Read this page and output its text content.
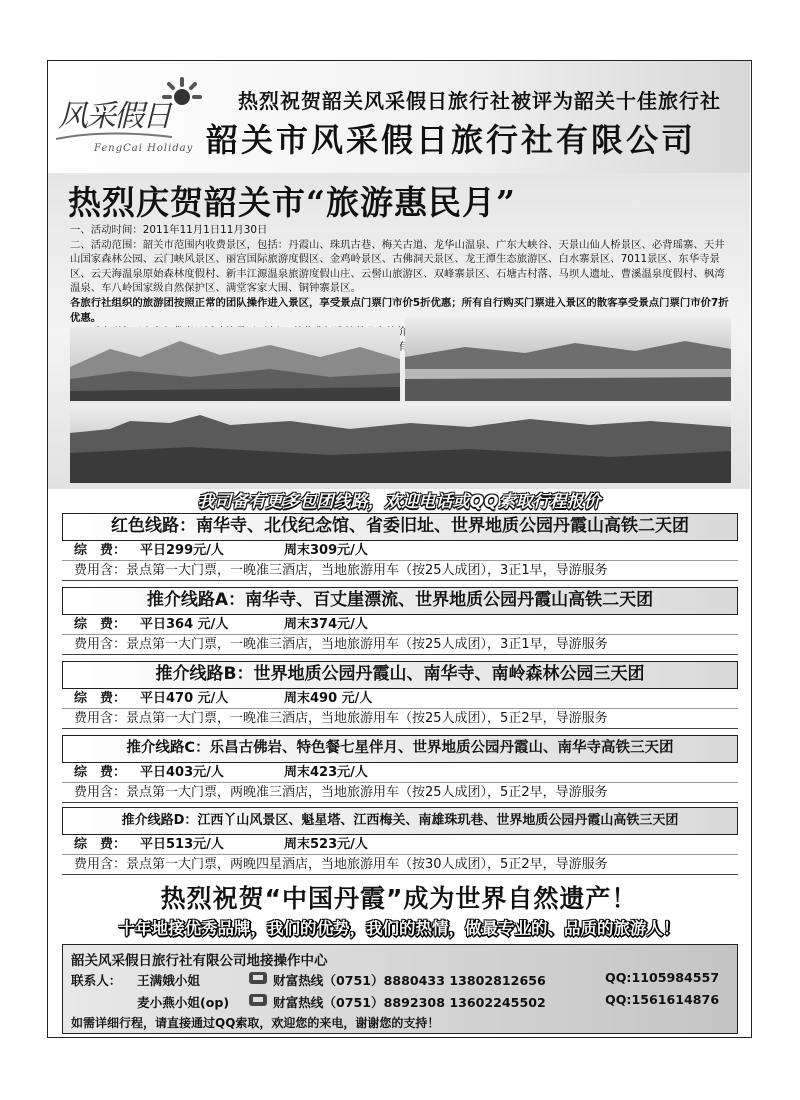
风采假日
FengCai Holiday
热烈祝贺韶关风采假日旅行社被评为韶关十佳旅行社
韶关市风采假日旅行社有限公司
热烈庆贺韶关市“旅游惠民月”

一、活动时间：2011年11月1日11月30日

二、活动范围：韶关市范围内收费景区，包括：丹霞山、珠玑古巷、梅关古道、龙华山温泉、广东大峡谷、天景山仙人桥景区、必背瑶寨、天井山国家森林公园、云门峡风景区、丽宫国际旅游度假区、金鸡岭景区、古佛洞天景区、龙王潭生态旅游区、白水寨景区、7011景区、东华寺景区、云天海温泉原始森林度假村、新丰江源温泉旅游度假山庄、云髻山旅游区、双峰寨景区、石塘古村落、马坝人遗址、曹溪温泉度假村、枫湾温泉、车八岭国家级自然保护区、满堂客家大围、铜钟寨景区。

各旅行社组织的旅游团按照正常的团队操作进入景区，享受景点门票门市价5折优惠；所有自行购买门票进入景区的散客享受景点门票门市价7折优惠。

我司备有更多包团线路，欢迎电话或QQ索取行程报价
红色线路：南华寺、北伐纪念馆、省委旧址、世界地质公园丹霞山高铁二天团
综　费： 平日299元/人	周末309元/人
费用含：景点第一大门票，一晚准三酒店，当地旅游用车（按25人成团），3正1早，导游服务
推介线路A：南华寺、百丈崖漂流、世界地质公园丹霞山高铁二天团
综　费： 平日364 元/人	周末374元/人
费用含：景点第一大门票，一晚准三酒店，当地旅游用车（按25人成团），3正1早，导游服务
推介线路B：世界地质公园丹霞山、南华寺、南岭森林公园三天团
综　费： 平日470 元/人	周末490 元/人
费用含：景点第一大门票，一晚准三酒店，当地旅游用车（按25人成团），5正2早，导游服务
推介线路C：乐昌古佛岩、特色餐七星伴月、世界地质公园丹霞山、南华寺高铁三天团
综　费： 平日403元/人	周末423元/人
费用含：景点第一大门票，两晚准三酒店，当地旅游用车（按25人成团），5正2早，导游服务
推介线路D：江西丫山风景区、魁星塔、江西梅关、南雄珠玑巷、世界地质公园丹霞山高铁三天团
综　费： 平日513元/人	周末523元/人
费用含：景点第一大门票，两晚四星酒店，当地旅游用车（按30人成团），5正2早，导游服务
热烈祝贺“中国丹霞”成为世界自然遗产！
十年地接优秀品牌，我们的优势，我们的热情，做最专业的、品质的旅游人！
韶关风采假日旅行社有限公司地接操作中心
联系人： 王满娥小姐	财富热线（0751）8880433 13802812656	QQ:1105984557
麦小燕小姐(op)	财富热线（0751）8892308 13602245502	QQ:1561614876
如需详细行程，请直接通过QQ索取，欢迎您的来电，谢谢您的支持！
